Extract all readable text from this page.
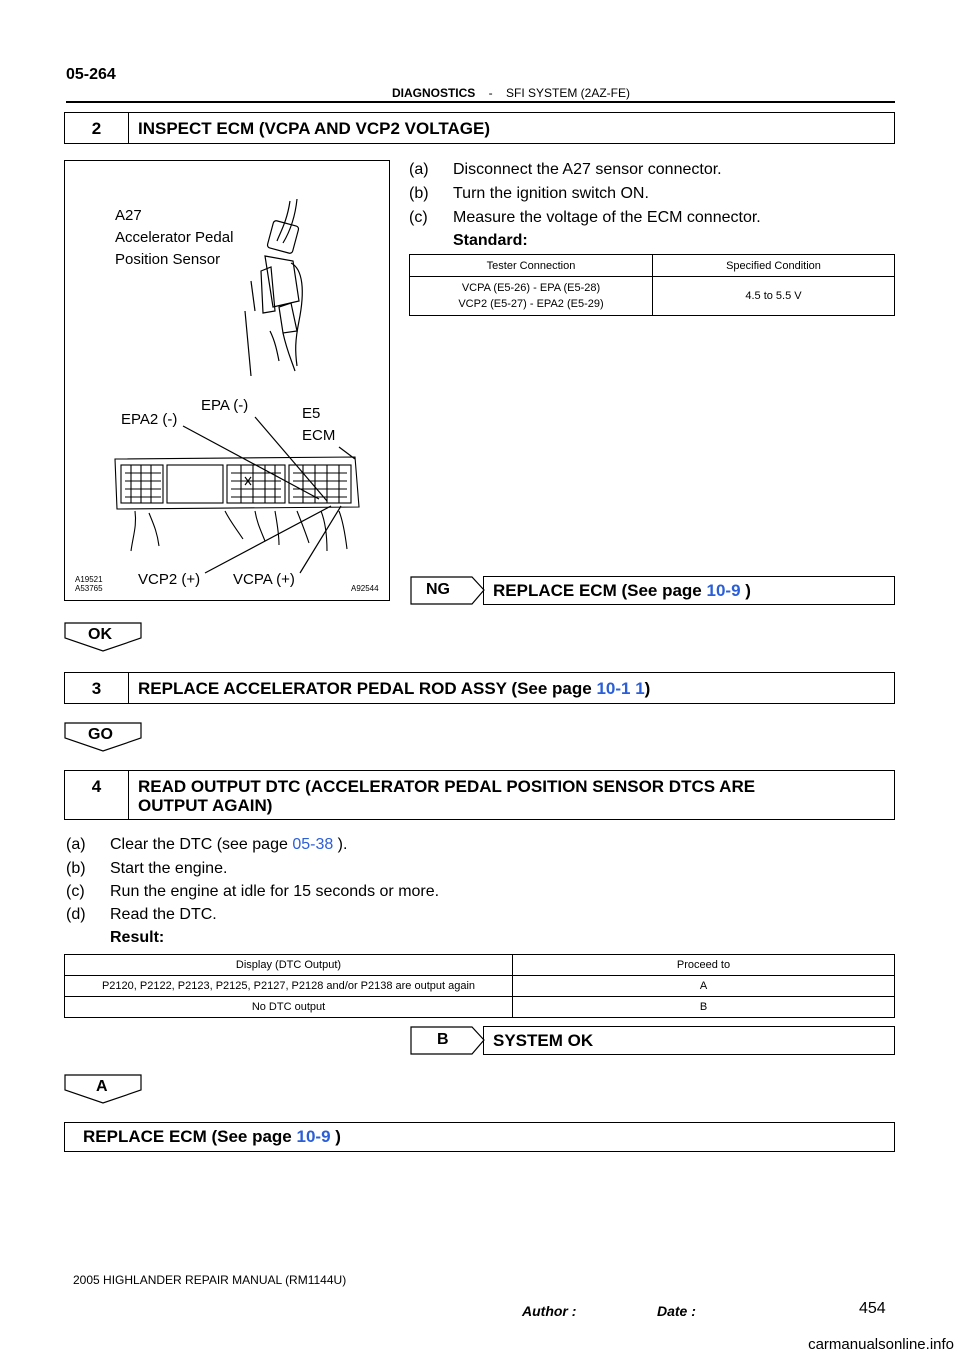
05-264
DIAGNOSTICS - SFI SYSTEM (2AZ-FE)
2	INSPECT ECM (VCPA AND VCP2 VOLTAGE)
A27
Accelerator Pedal
Position Sensor
EPA (-)
EPA2 (-)	E5
ECM
VCP2 (+) VCPA (+)
A19521
A53765	A92544
(a) Disconnect the A27 sensor connector.
(b) Turn the ignition switch ON.
(c) Measure the voltage of the ECM connector.
Standard:
Tester Connection	Specified Condition

VCPA (E5-26) - EPA (E5-28)
VCP2 (E5-27) - EPA2 (E5-29)	4.5 to 5.5 V
NG	REPLACE ECM (See page 10-9 )
OK
3	REPLACE ACCELERATOR PEDAL ROD ASSY (See page 10-1 1)
GO
4	READ OUTPUT DTC (ACCELERATOR PEDAL POSITION SENSOR DTCS ARE
OUTPUT AGAIN)
(a) Clear the DTC (see page 05-38 ).
(b) Start the engine.
(c) Run the engine at idle for 15 seconds or more.
(d) Read the DTC.
Result:
Display (DTC Output)	Proceed to
P2120, P2122, P2123, P2125, P2127, P2128 and/or P2138 are output again	A
No DTC output	B
B	SYSTEM OK
A
REPLACE ECM (See page 10-9 )
2005 HIGHLANDER REPAIR MANUAL (RM1144U)
Author :	Date :	454
carmanualsonline.info
